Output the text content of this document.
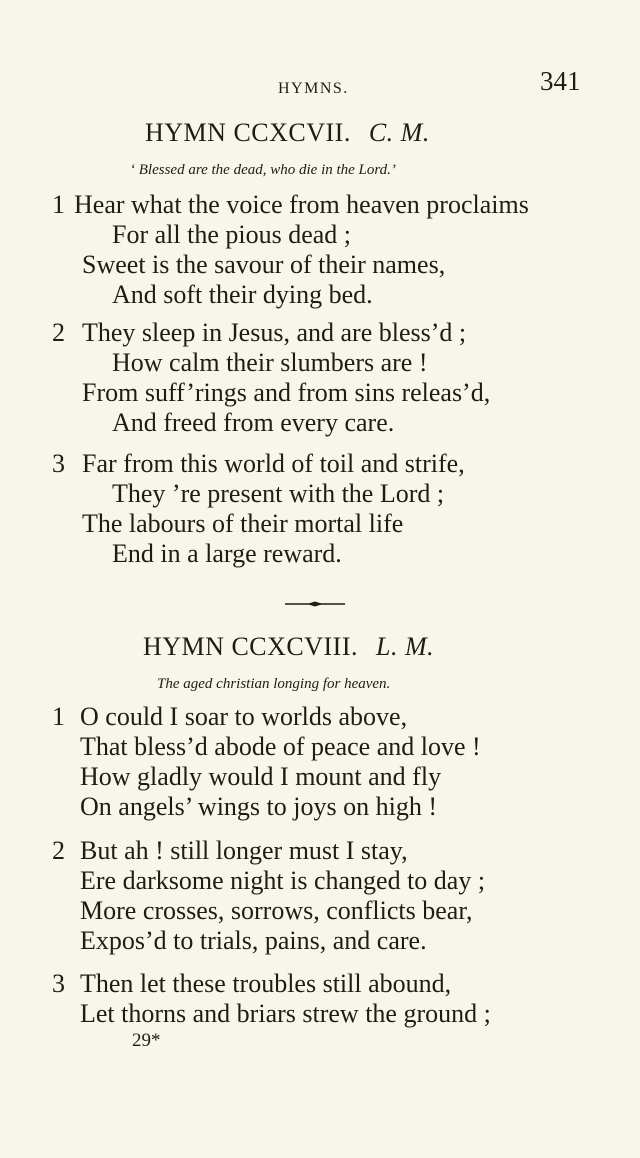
HYMNS.	341
HYMN CCXCVII. C. M.
‘ Blessed are the dead, who die in the Lord.’
1 Hear what the voice from heaven proclaims
For all the pious dead ;
Sweet is the savour of their names,
And soft their dying bed.
2 They sleep in Jesus, and are bless’d ;
How calm their slumbers are !
From suff’rings and from sins releas’d,
And freed from every care.
3 Far from this world of toil and strife,
They ’re present with the Lord ;
The labours of their mortal life
End in a large reward.
HYMN CCXCVIII. L. M.
The aged christian longing for heaven.
1 O could I soar to worlds above,
That bless’d abode of peace and love !
How gladly would I mount and fly
On angels’ wings to joys on high !
2 But ah ! still longer must I stay,
Ere darksome night is changed to day ;
More crosses, sorrows, conflicts bear,
Expos’d to trials, pains, and care.
3 Then let these troubles still abound,
Let thorns and briars strew the ground ;
29*
